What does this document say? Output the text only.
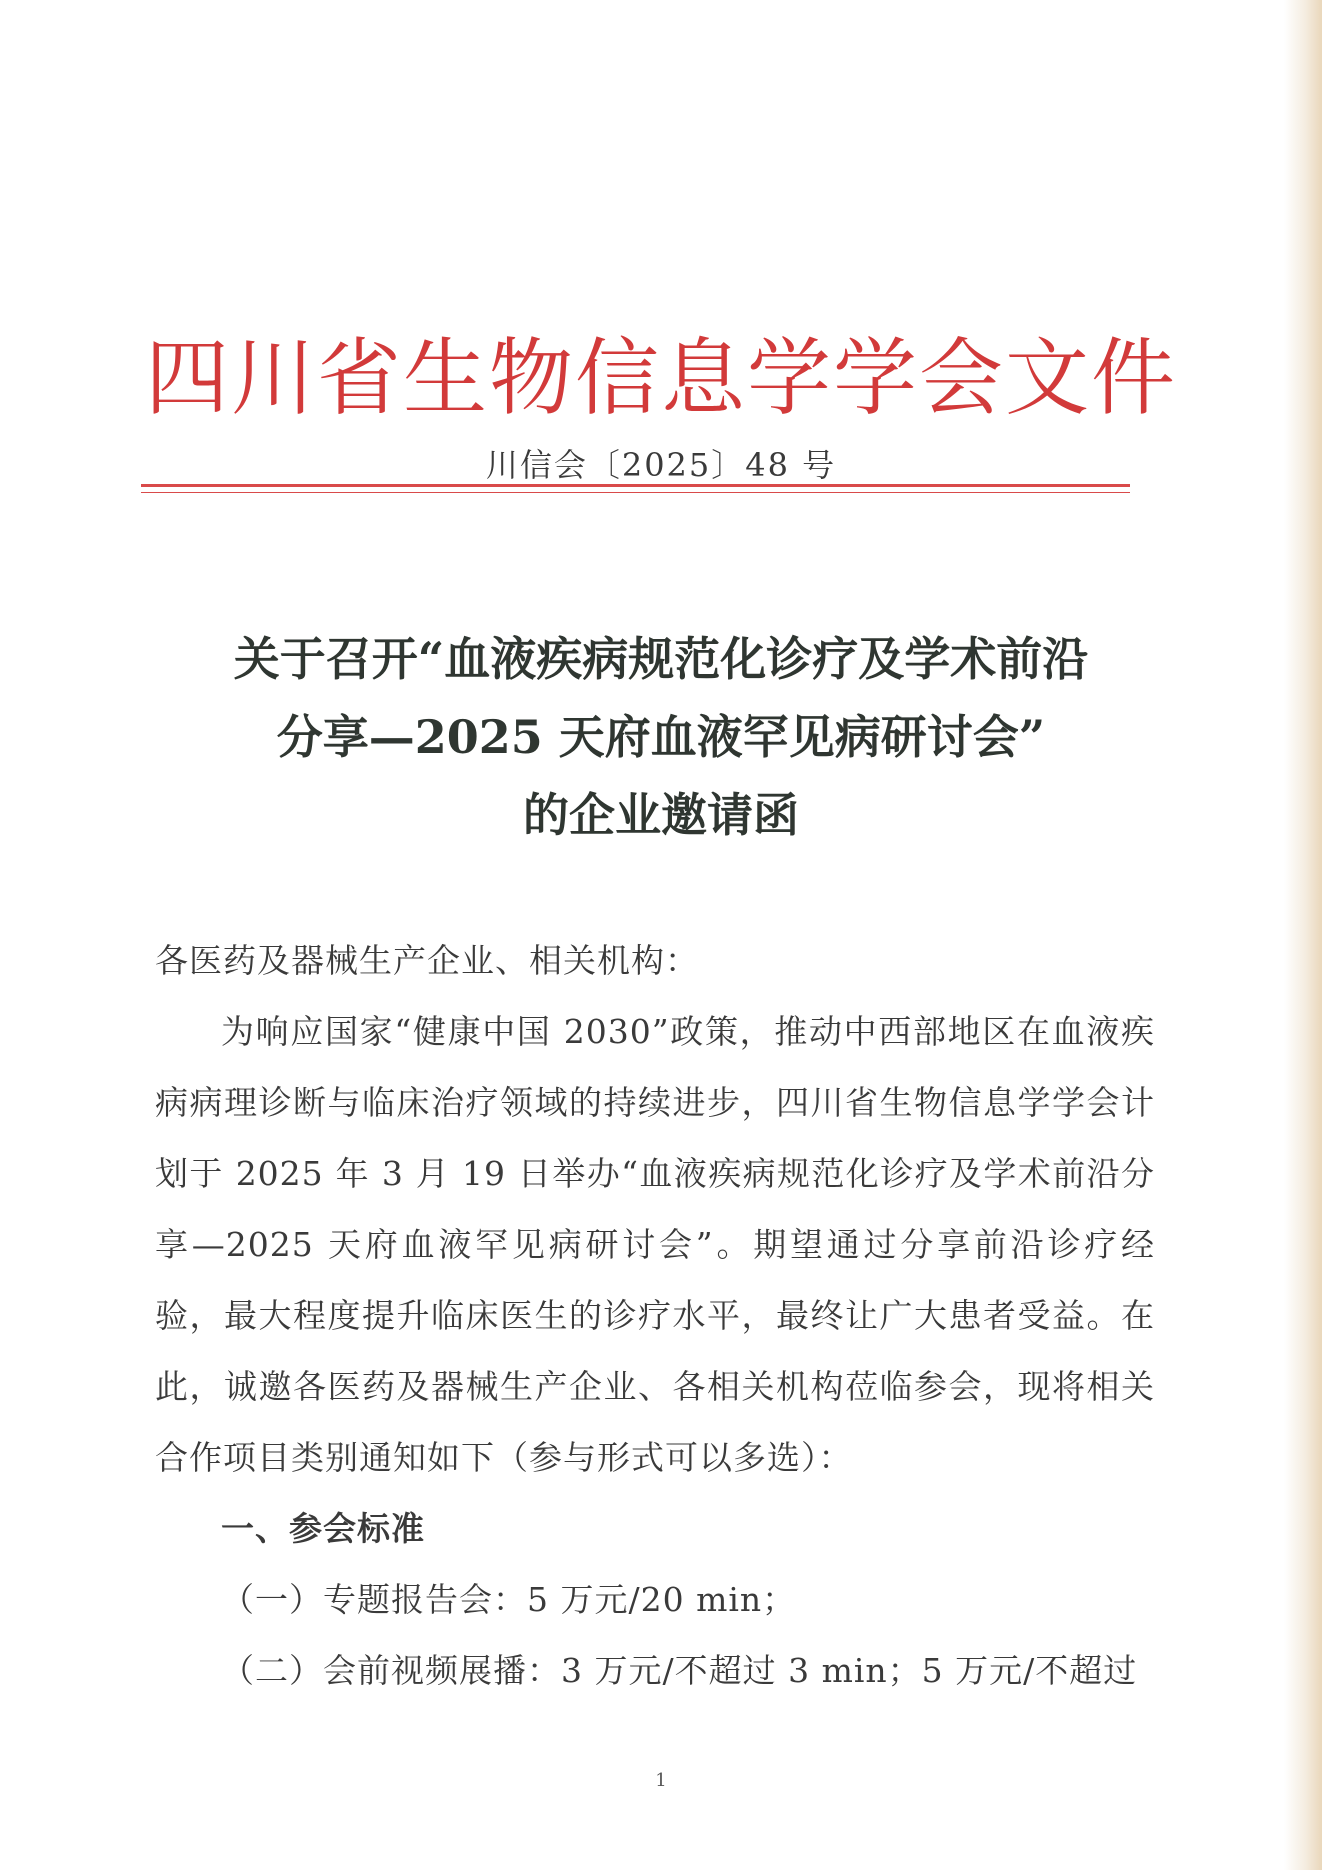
四川省生物信息学学会文件
川信会〔2025〕48 号
关于召开“血液疾病规范化诊疗及学术前沿
分享—2025 天府血液罕见病研讨会”
的企业邀请函

各医药及器械生产企业、相关机构：

为响应国家“健康中国 2030”政策，推动中西部地区在血液疾病病理诊断与临床治疗领域的持续进步，四川省生物信息学学会计划于 2025 年 3 月 19 日举办“血液疾病规范化诊疗及学术前沿分享—2025 天府血液罕见病研讨会”。期望通过分享前沿诊疗经验，最大程度提升临床医生的诊疗水平，最终让广大患者受益。在此，诚邀各医药及器械生产企业、各相关机构莅临参会，现将相关合作项目类别通知如下（参与形式可以多选）：

一、参会标准

（一）专题报告会：5 万元/20 min；

（二）会前视频展播：3 万元/不超过 3 min；5 万元/不超过

1
